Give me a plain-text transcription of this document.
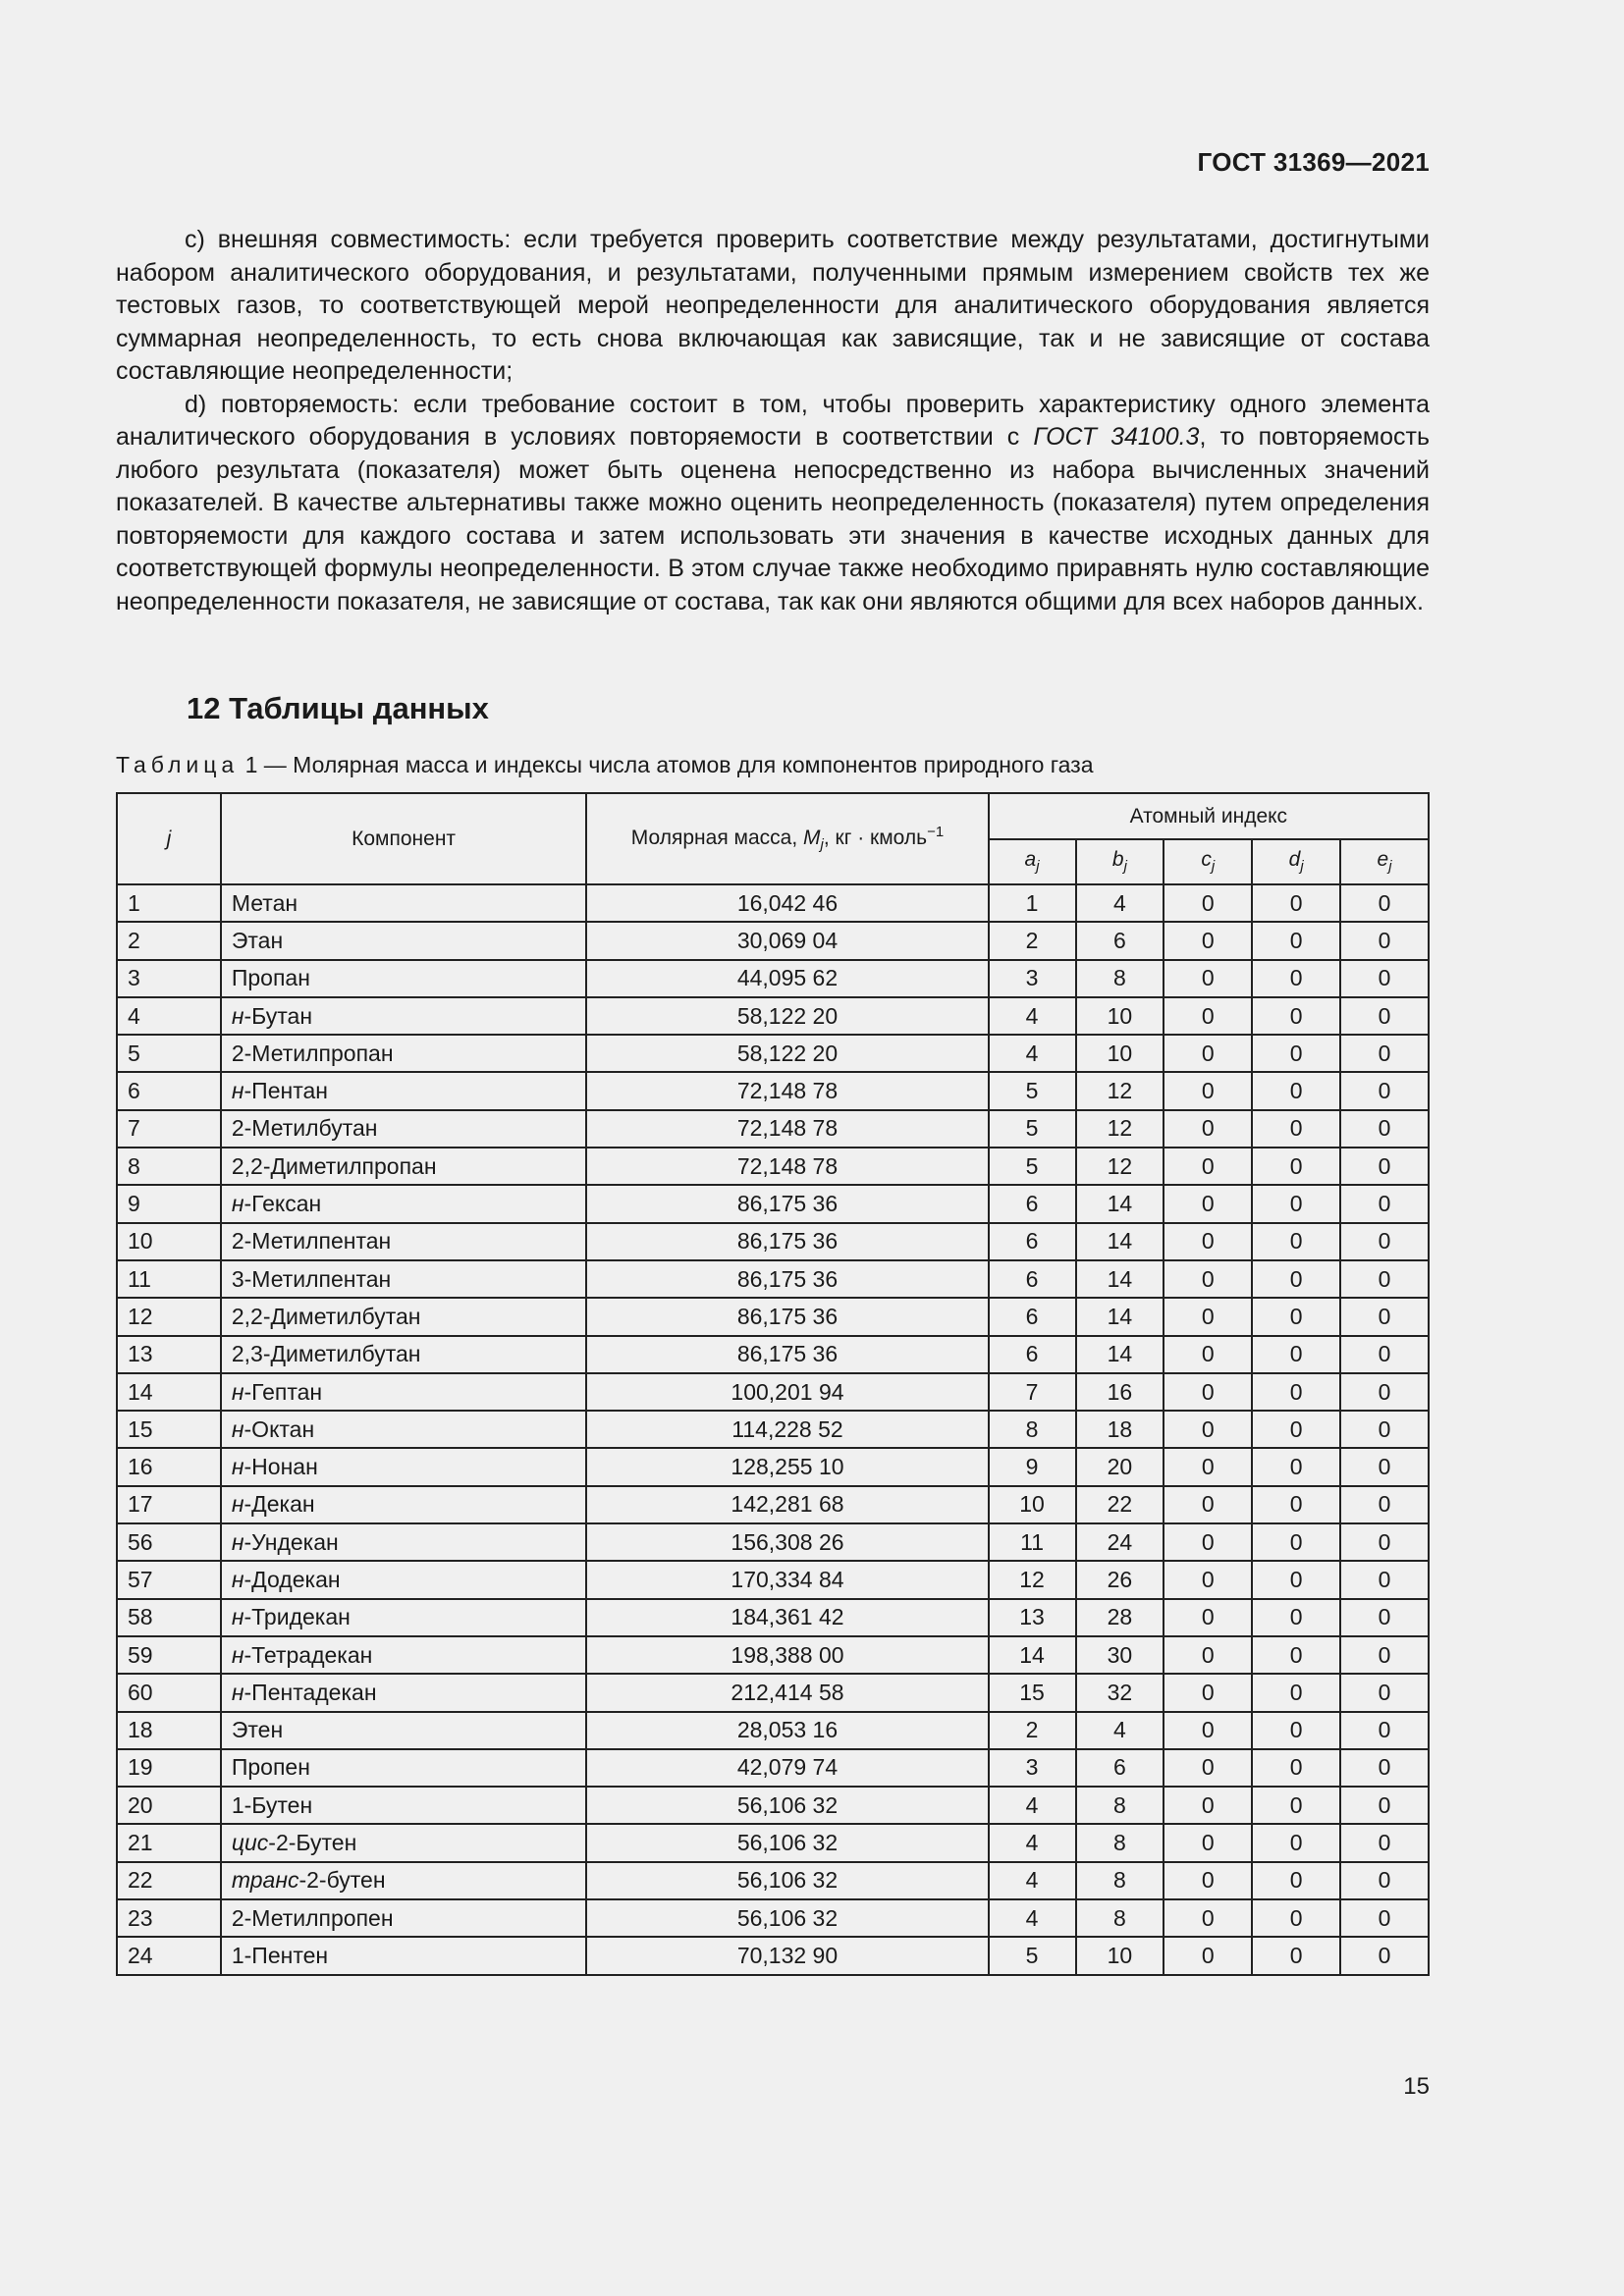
ГОСТ 31369—2021

c) внешняя совместимость: если требуется проверить соответствие между результатами, достигнутыми набором аналитического оборудования, и результатами, полученными прямым измерением свойств тех же тестовых газов, то соответствующей мерой неопределенности для аналитического оборудования является суммарная неопределенность, то есть снова включающая как зависящие, так и не зависящие от состава составляющие неопределенности;

d) повторяемость: если требование состоит в том, чтобы проверить характеристику одного элемента аналитического оборудования в условиях повторяемости в соответствии с ГОСТ 34100.3, то повторяемость любого результата (показателя) может быть оценена непосредственно из набора вычисленных значений показателей. В качестве альтернативы также можно оценить неопределенность (показателя) путем определения повторяемости для каждого состава и затем использовать эти значения в качестве исходных данных для соответствующей формулы неопределенности. В этом случае также необходимо приравнять нулю составляющие неопределенности показателя, не зависящие от состава, так как они являются общими для всех наборов данных.

12 Таблицы данных
Таблица 1 — Молярная масса и индексы числа атомов для компонентов природного газа
j	Компонент	Молярная масса, $M_j$, кг · кмоль$^{-1}$	Атомный индекс				
			$a_j$	$b_j$	$c_j$	$d_j$	$e_j$
1	Метан	16,042 46	1	4	0	0	0
2	Этан	30,069 04	2	6	0	0	0
3	Пропан	44,095 62	3	8	0	0	0
4	н-Бутан	58,122 20	4	10	0	0	0
5	2-Метилпропан	58,122 20	4	10	0	0	0
6	н-Пентан	72,148 78	5	12	0	0	0
7	2-Метилбутан	72,148 78	5	12	0	0	0
8	2,2-Диметилпропан	72,148 78	5	12	0	0	0
9	н-Гексан	86,175 36	6	14	0	0	0
10	2-Метилпентан	86,175 36	6	14	0	0	0
11	3-Метилпентан	86,175 36	6	14	0	0	0
12	2,2-Диметилбутан	86,175 36	6	14	0	0	0
13	2,3-Диметилбутан	86,175 36	6	14	0	0	0
14	н-Гептан	100,201 94	7	16	0	0	0
15	н-Октан	114,228 52	8	18	0	0	0
16	н-Нонан	128,255 10	9	20	0	0	0
17	н-Декан	142,281 68	10	22	0	0	0
56	н-Ундекан	156,308 26	11	24	0	0	0
57	н-Додекан	170,334 84	12	26	0	0	0
58	н-Тридекан	184,361 42	13	28	0	0	0
59	н-Тетрадекан	198,388 00	14	30	0	0	0
60	н-Пентадекан	212,414 58	15	32	0	0	0
18	Этен	28,053 16	2	4	0	0	0
19	Пропен	42,079 74	3	6	0	0	0
20	1-Бутен	56,106 32	4	8	0	0	0
21	цис-2-Бутен	56,106 32	4	8	0	0	0
22	транс-2-бутен	56,106 32	4	8	0	0	0
23	2-Метилпропен	56,106 32	4	8	0	0	0
24	1-Пентен	70,132 90	5	10	0	0	0
15
